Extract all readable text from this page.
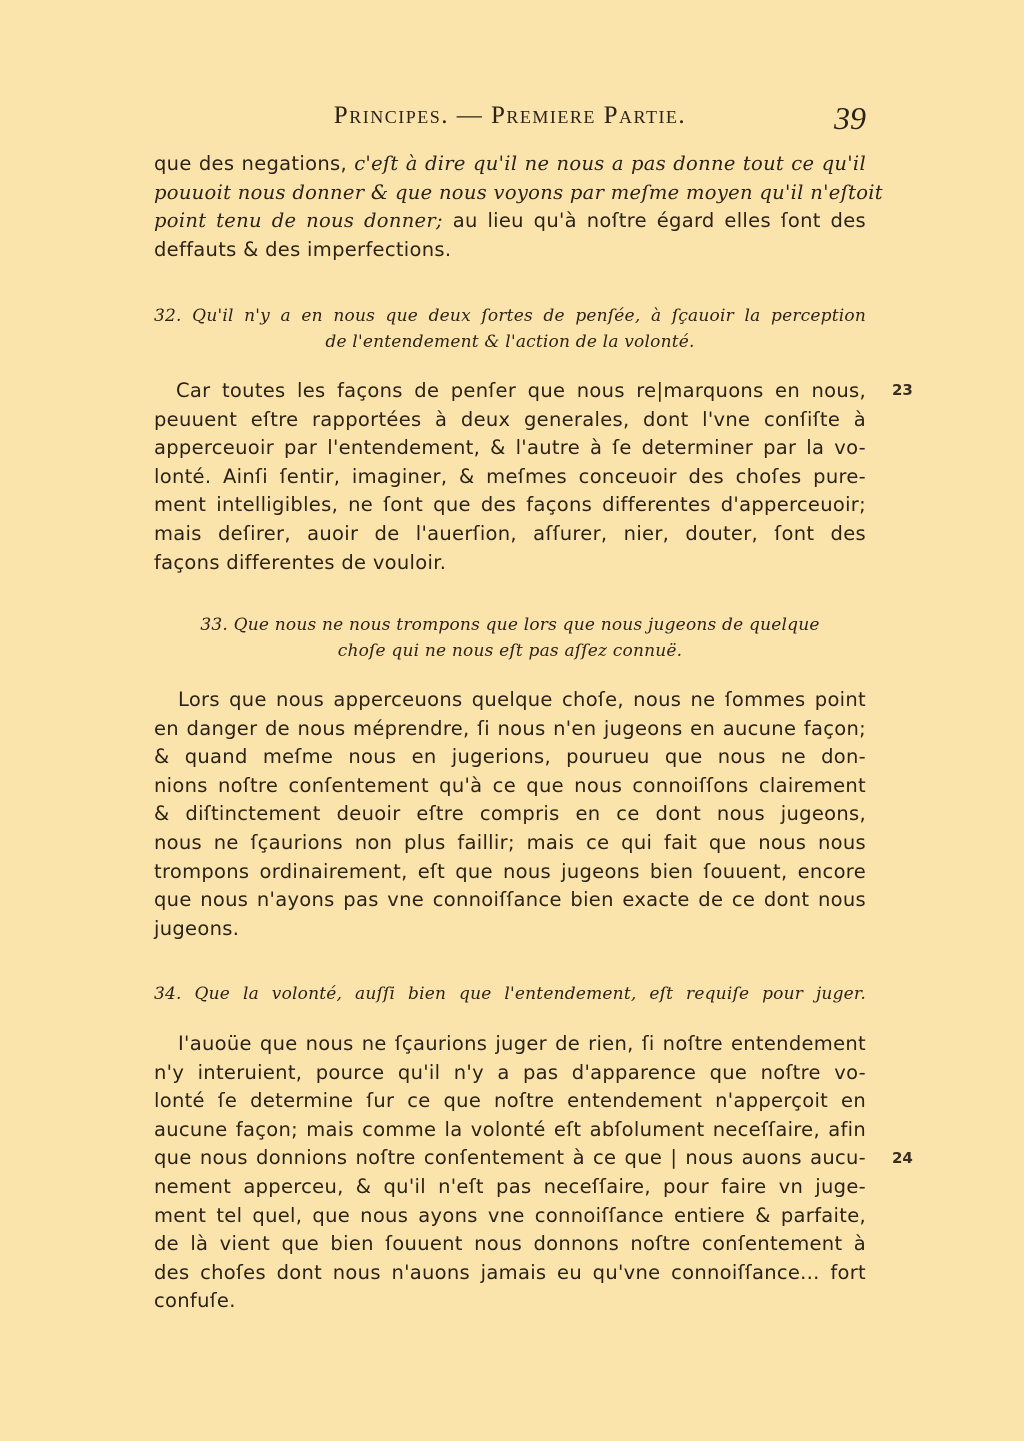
Principes. — Premiere Partie.	39
que des negations, c'eſt à dire qu'il ne nous a pas donne tout ce qu'il
pouuoit nous donner & que nous voyons par meſme moyen qu'il n'eſtoit
point tenu de nous donner; au lieu qu'à noſtre égard elles ſont des
deffauts & des imperfections.
32. Qu'il n'y a en nous que deux ſortes de penſée, à ſçauoir la perception
de l'entendement & l'action de la volonté.
Car toutes les façons de penſer que nous re|marquons en nous,
peuuent eſtre rapportées à deux generales, dont l'vne conſiſte à
apperceuoir par l'entendement, & l'autre à ſe determiner par la vo-
lonté. Ainſi ſentir, imaginer, & meſmes conceuoir des choſes pure-
ment intelligibles, ne ſont que des façons differentes d'apperceuoir;
mais deſirer, auoir de l'auerſion, aſſurer, nier, douter, ſont des
façons differentes de vouloir.
23
33. Que nous ne nous trompons que lors que nous jugeons de quelque
choſe qui ne nous eſt pas aſſez connuë.
Lors que nous apperceuons quelque choſe, nous ne ſommes point
en danger de nous méprendre, ſi nous n'en jugeons en aucune façon;
& quand meſme nous en jugerions, pourueu que nous ne don-
nions noſtre conſentement qu'à ce que nous connoiſſons clairement
& diſtinctement deuoir eſtre compris en ce dont nous jugeons,
nous ne ſçaurions non plus faillir; mais ce qui fait que nous nous
trompons ordinairement, eſt que nous jugeons bien ſouuent, encore
que nous n'ayons pas vne connoiſſance bien exacte de ce dont nous
jugeons.
34. Que la volonté, auſſi bien que l'entendement, eſt requiſe pour juger.
I'auoüe que nous ne ſçaurions juger de rien, ſi noſtre entendement
n'y interuient, pource qu'il n'y a pas d'apparence que noſtre vo-
lonté ſe determine ſur ce que noſtre entendement n'apperçoit en
aucune façon; mais comme la volonté eſt abſolument neceſſaire, afin
que nous donnions noſtre conſentement à ce que | nous auons aucu-
nement apperceu, & qu'il n'eſt pas neceſſaire, pour faire vn juge-
ment tel quel, que nous ayons vne connoiſſance entiere & parfaite,
de là vient que bien ſouuent nous donnons noſtre conſentement à
des choſes dont nous n'auons jamais eu qu'vne connoiſſance... fort
confuſe.
24
